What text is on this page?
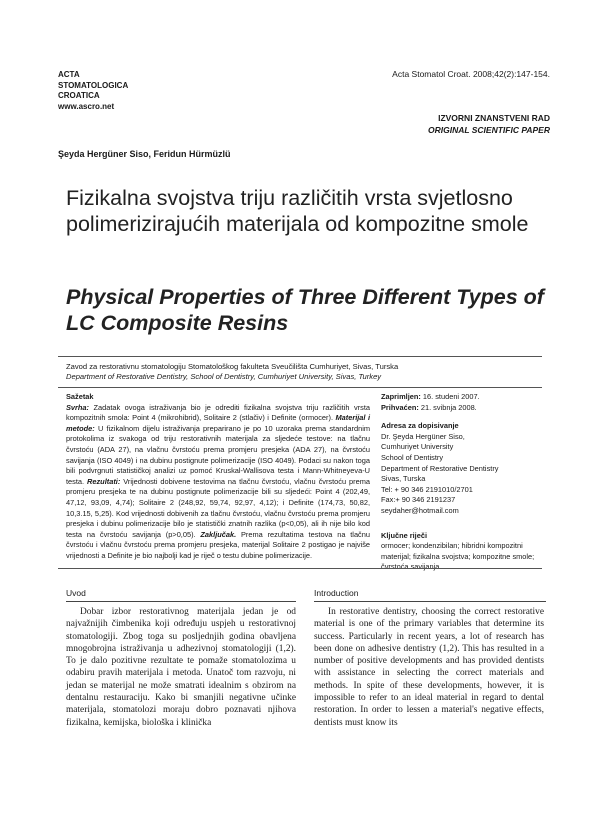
ACTA
STOMATOLOGICA
CROATICA
www.ascro.net
Acta Stomatol Croat. 2008;42(2):147-154.
IZVORNI ZNANSTVENI RAD
ORIGINAL SCIENTIFIC PAPER
Şeyda Hergüner Siso, Feridun Hürmüzlü
Fizikalna svojstva triju različitih vrsta svjetlosno polimerizirajućih materijala od kompozitne smole
Physical Properties of Three Different Types of LC Composite Resins
Zavod za restorativnu stomatologiju Stomatološkog fakulteta Sveučilišta Cumhuriyet, Sivas, Turska
Department of Restorative Dentistry, School of Dentistry, Cumhuriyet University, Sivas, Turkey
Sažetak
Svrha: Zadatak ovoga istraživanja bio je odrediti fizikalna svojstva triju različitih vrsta kompozitnih smola: Point 4 (mikrohibrid), Solitaire 2 (stlačiv) i Definite (ormocer). Materijal i metode: U fizikalnom dijelu istraživanja preparirano je po 10 uzoraka prema standardnim protokolima iz svakoga od triju restorativnih materijala za sljedeće testove: na tlačnu čvrstoću (ADA 27), na vlačnu čvrstoću prema promjeru presjeka (ADA 27), na čvrstoću savijanja (ISO 4049) i na dubinu postignute polimerizacije (ISO 4049). Podaci su nakon toga bili podvrgnuti statističkoj analizi uz pomoć Kruskal-Wallisova testa i Mann-Whitneyeva-U testa. Rezultati: Vrijednosti dobivene testovima na tlačnu čvrstoću, vlačnu čvrstoću prema promjeru presjeka te na dubinu postignute polimerizacije bili su sljedeći: Point 4 (202,49, 47,12, 93,09, 4,74); Solitaire 2 (248,92, 59,74, 92,97, 4,12); i Definite (174,73, 50,82, 10,3.15, 5,25). Kod vrijednosti dobivenih za tlačnu čvrstoću, vlačnu čvrstoću prema promjeru presjeka i dubinu polimerizacije bilo je statistički znatnih razlika (p<0,05), ali ih nije bilo kod testa na čvrstoću savijanja (p>0,05). Zaključak. Prema rezultatima testova na tlačnu čvrstoću i vlačnu čvrstoću prema promjeru presjeka, materijal Solitaire 2 postigao je najviše vrijednosti a Definite je bio najbolji kad je riječ o testu dubine polimerizacije.
Zaprimljen: 16. studeni 2007.
Prihvaćen: 21. svibnja 2008.
Adresa za dopisivanje
Dr. Şeyda Hergüner Siso,
Cumhuriyet University
School of Dentistry
Department of Restorative Dentistry
Sivas, Turska
Tel: + 90 346 2191010/2701
Fax:+ 90 346 2191237
seydaher@hotmail.com
Ključne riječi
ormocer; kondenzibilan; hibridni kompozitni materijal; fizikalna svojstva; kompozitne smole; čvrstoća savijanja
Uvod	Introduction

Dobar izbor restorativnog materijala jedan je od najvažnijih čimbenika koji određuju uspjeh u restorativnoj stomatologiji. Zbog toga su posljednjih godina obavljena mnogobrojna istraživanja u adhezivnoj stomatologiji (1,2). To je dalo pozitivne rezultate te pomaže stomatolozima u odabiru pravih materijala i metoda. Unatoč tom razvoju, ni jedan se materijal ne može smatrati idealnim s obzirom na dentalnu restauraciju. Kako bi smanjili negativne učinke materijala, stomatolozi moraju dobro poznavati njihova fizikalna, kemijska, biološka i klinička

In restorative dentistry, choosing the correct restorative material is one of the primary variables that determine its success. Particularly in recent years, a lot of research has been done on adhesive dentistry (1,2). This has resulted in a number of positive developments and has provided dentists with assistance in selecting the correct materials and methods. In spite of these developments, however, it is impossible to refer to an ideal material in regard to dental restoration. In order to lessen a material's negative effects, dentists must know its
